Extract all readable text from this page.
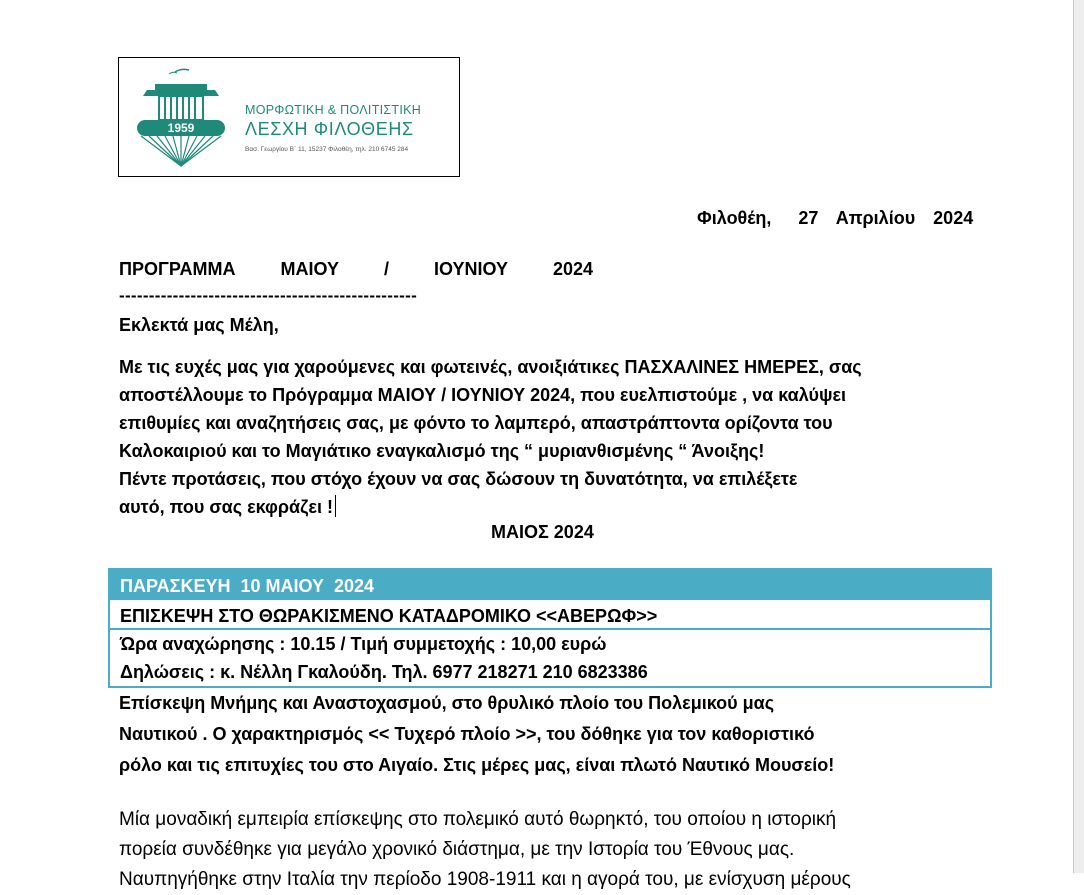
1959
ΜΟΡΦΩΤΙΚΗ & ΠΟΛΙΤΙΣΤΙΚΗ
ΛΕΣΧΗ ΦΙΛΟΘΕΗΣ
Βασ. Γεωργίου Β΄ 11, 15237 Φιλοθέη, τηλ. 210 6745 284
Φιλοθέη,   27  Απριλίου  2024
ΠΡΟΓΡΑΜΜΑ   ΜΑΙΟΥ   /   ΙΟΥΝΙΟΥ   2024
--------------------------------------------------
Εκλεκτά μας Μέλη,
Με τις ευχές μας για χαρούμενες και φωτεινές, ανοιξιάτικες ΠΑΣΧΑΛΙΝΕΣ ΗΜΕΡΕΣ, σας
αποστέλλουμε το Πρόγραμμα ΜΑΙΟΥ / ΙΟΥΝΙΟΥ 2024, που ευελπιστούμε , να καλύψει
επιθυμίες και αναζητήσεις σας, με φόντο το λαμπερό, απαστράπτοντα ορίζοντα του
Καλοκαιριού και το Μαγιάτικο εναγκαλισμό της “ μυριανθισμένης “ Άνοιξης!
Πέντε προτάσεις, που στόχο έχουν να σας δώσουν τη δυνατότητα, να επιλέξετε
αυτό, που σας εκφράζει !
ΜΑΙΟΣ 2024
ΠΑΡΑΣΚΕΥΗ  10 ΜΑΙΟΥ  2024
ΕΠΙΣΚΕΨΗ ΣΤΟ ΘΩΡΑΚΙΣΜΕΝΟ ΚΑΤΑΔΡΟΜΙΚΟ <<ΑΒΕΡΩΦ>>
Ώρα αναχώρησης : 10.15 / Τιμή συμμετοχής : 10,00 ευρώ
Δηλώσεις : κ. Νέλλη Γκαλούδη. Τηλ. 6977 218271 210 6823386
Επίσκεψη Μνήμης και Αναστοχασμού, στο θρυλικό πλοίο του Πολεμικού μας
Ναυτικού . Ο χαρακτηρισμός << Τυχερό πλοίο >>, του δόθηκε για τον καθοριστικό
ρόλο και τις επιτυχίες του στο Αιγαίο. Στις μέρες μας, είναι πλωτό Ναυτικό Μουσείο!
Μία μοναδική εμπειρία επίσκεψης στο πολεμικό αυτό θωρηκτό, του οποίου η ιστορική
πορεία συνδέθηκε για μεγάλο χρονικό διάστημα, με την Ιστορία του Έθνους μας.
Ναυπηγήθηκε στην Ιταλία την περίοδο 1908-1911 και η αγορά του, με ενίσχυση μέρους
